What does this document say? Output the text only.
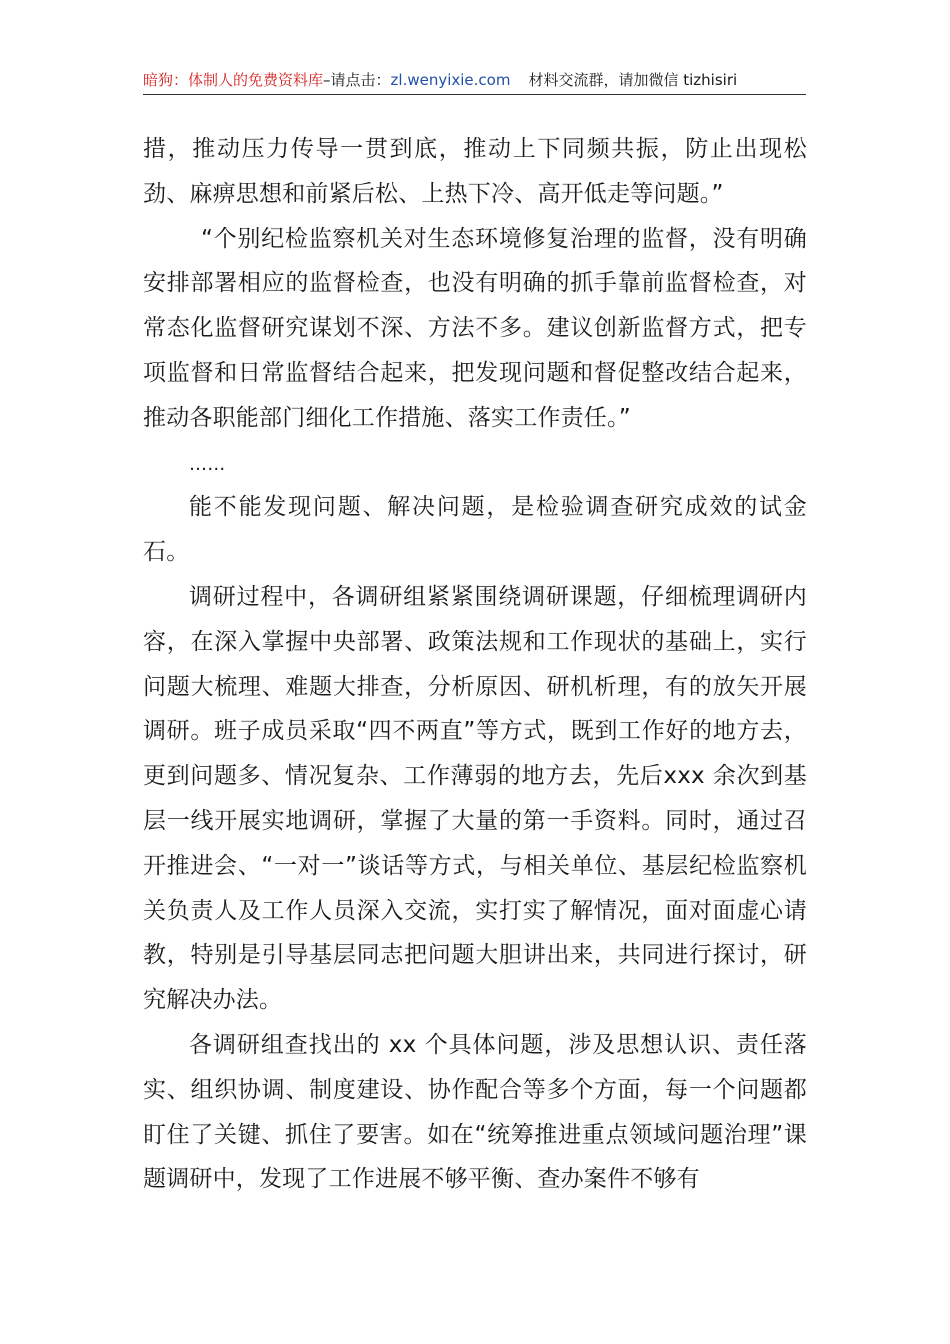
暗狗：体制人的免费资料库–请点击：zl.wenyixie.com 材料交流群，请加微信 tizhisiri

措，推动压力传导一贯到底，推动上下同频共振，防止出现松劲、麻痹思想和前紧后松、上热下冷、高开低走等问题。”

“个别纪检监察机关对生态环境修复治理的监督，没有明确安排部署相应的监督检查，也没有明确的抓手靠前监督检查，对常态化监督研究谋划不深、方法不多。建议创新监督方式，把专项监督和日常监督结合起来，把发现问题和督促整改结合起来，推动各职能部门细化工作措施、落实工作责任。”

……

能不能发现问题、解决问题，是检验调查研究成效的试金石。

调研过程中，各调研组紧紧围绕调研课题，仔细梳理调研内容，在深入掌握中央部署、政策法规和工作现状的基础上，实行问题大梳理、难题大排查，分析原因、研机析理，有的放矢开展调研。班子成员采取“四不两直”等方式，既到工作好的地方去，更到问题多、情况复杂、工作薄弱的地方去，先后xxx 余次到基层一线开展实地调研，掌握了大量的第一手资料。同时，通过召开推进会、“一对一”谈话等方式，与相关单位、基层纪检监察机关负责人及工作人员深入交流，实打实了解情况，面对面虚心请教，特别是引导基层同志把问题大胆讲出来，共同进行探讨，研究解决办法。

各调研组查找出的 xx 个具体问题，涉及思想认识、责任落实、组织协调、制度建设、协作配合等多个方面，每一个问题都盯住了关键、抓住了要害。如在“统筹推进重点领域问题治理”课题调研中，发现了工作进展不够平衡、查办案件不够有
